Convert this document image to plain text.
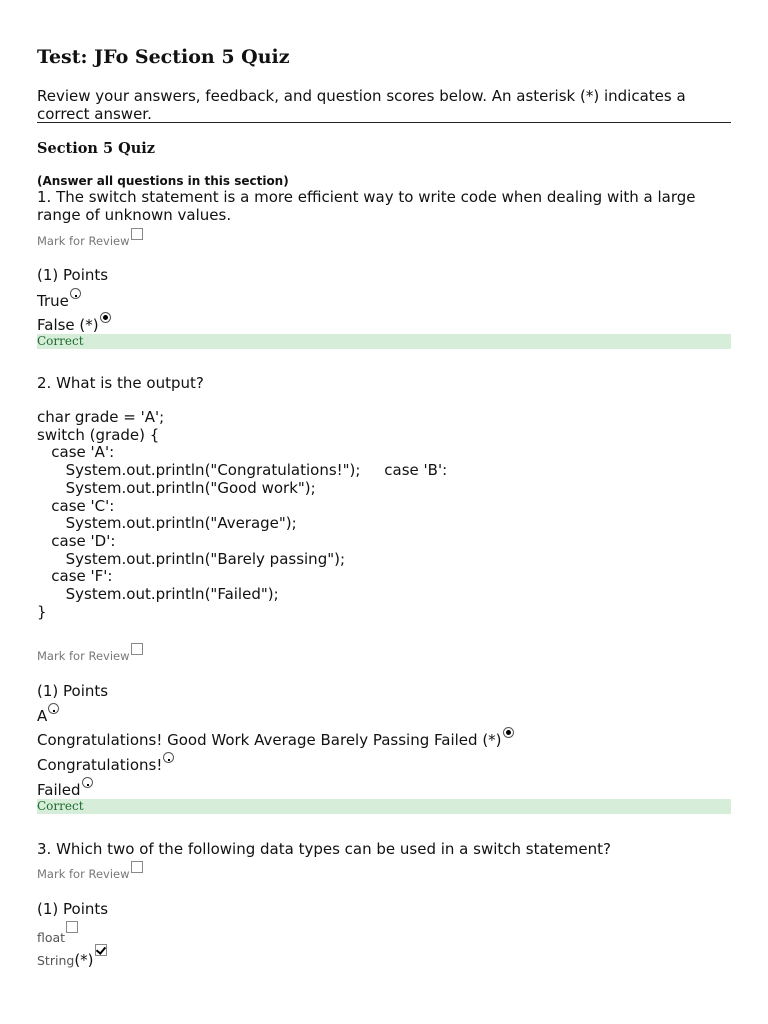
Test: JFo Section 5 Quiz
Review your answers, feedback, and question scores below. An asterisk (*) indicates a correct answer.
Section 5 Quiz
(Answer all questions in this section)
1. The switch statement is a more efficient way to write code when dealing with a large range of unknown values.
Mark for Review
(1) Points
True
False (*)
Correct
2. What is the output?
char grade = 'A';
switch (grade) {
case 'A':
System.out.println("Congratulations!");     case 'B':
System.out.println("Good work");
case 'C':
System.out.println("Average");
case 'D':
System.out.println("Barely passing");
case 'F':
System.out.println("Failed");
}
Mark for Review
(1) Points
A
Congratulations! Good Work Average Barely Passing Failed (*)
Congratulations!
Failed
Correct
3. Which two of the following data types can be used in a switch statement?
Mark for Review
(1) Points
float
String(*)
